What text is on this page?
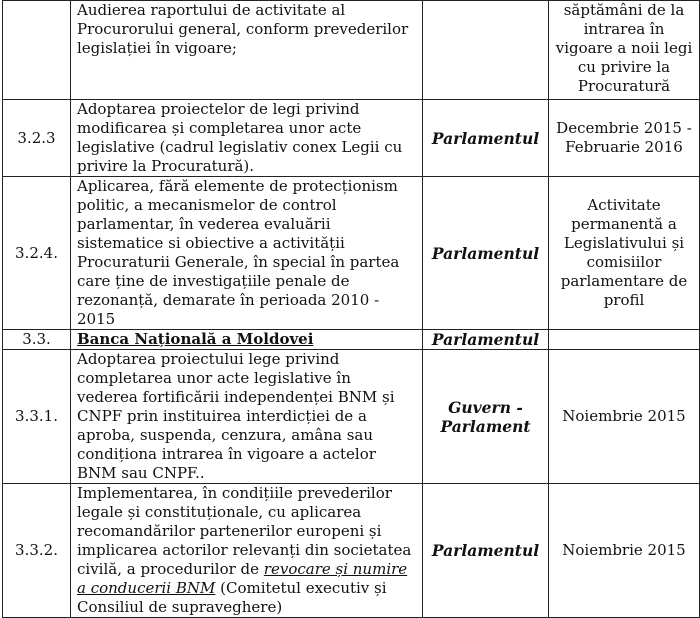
	Audierea raportului de activitate al Procurorului general, conform prevederilor legislației în vigoare;		săptămâni de la intrarea în vigoare a noii legi cu privire la Procuratură
3.2.3	Adoptarea proiectelor de legi privind modificarea și completarea unor acte legislative (cadrul legislativ conex Legii cu privire la Procuratură).	Parlamentul	Decembrie 2015 - Februarie 2016
3.2.4.	Aplicarea, fără elemente de protecționism politic, a mecanismelor de control parlamentar, în vederea evaluării sistematice si obiective a activității Procuraturii Generale, în special în partea care ține de investigațiile penale de rezonanță, demarate în perioada 2010 - 2015	Parlamentul	Activitate permanentă a Legislativului și comisiilor parlamentare de profil
3.3.	Banca Națională a Moldovei	Parlamentul	
3.3.1.	Adoptarea proiectului lege privind completarea unor acte legislative în vederea fortificării independenței BNM și CNPF prin instituirea interdicției de a aproba, suspenda, cenzura, amâna sau condiționa intrarea în vigoare a actelor BNM sau CNPF..	Guvern - Parlament	Noiembrie 2015
3.3.2.	Implementarea, în condițiile prevederilor legale și constituționale, cu aplicarea recomandărilor partenerilor europeni și implicarea actorilor relevanți din societatea civilă, a procedurilor de revocare și numire a conducerii BNM (Comitetul executiv și Consiliul de supraveghere)	Parlamentul	Noiembrie 2015
